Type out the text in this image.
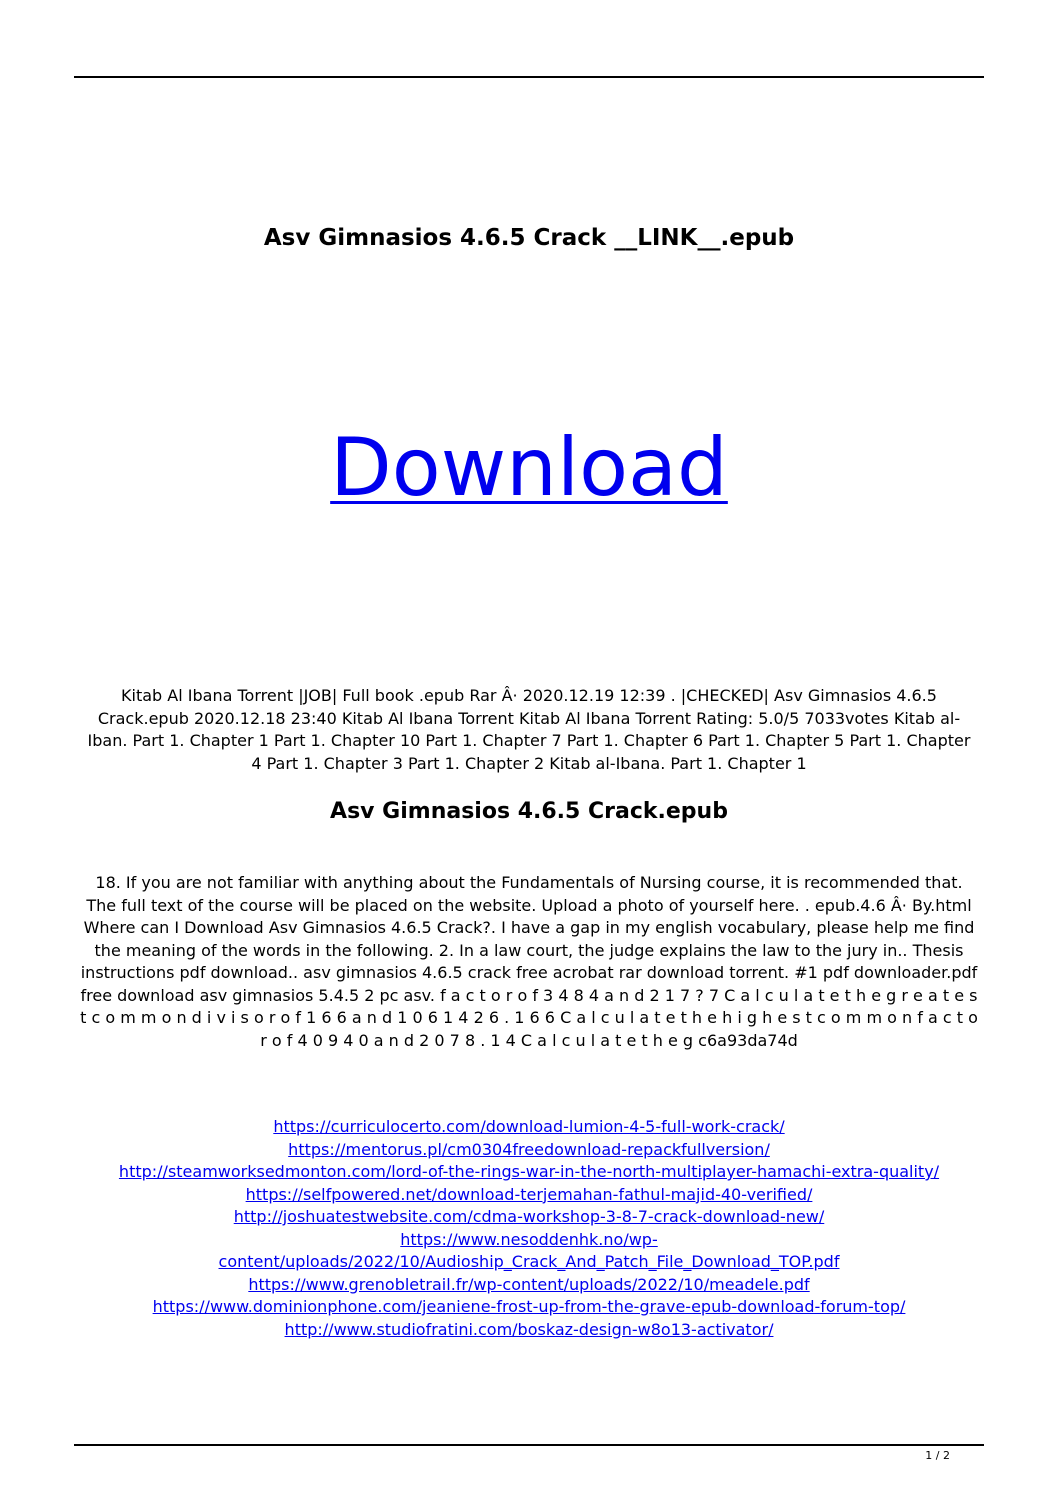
Asv Gimnasios 4.6.5 Crack __LINK__.epub
Download

Kitab Al Ibana Torrent |JOB| Full book .epub Rar Â· 2020.12.19 12:39 . |CHECKED| Asv Gimnasios 4.6.5 Crack.epub 2020.12.18 23:40 Kitab Al Ibana Torrent Kitab Al Ibana Torrent Rating: 5.0/5 7033votes Kitab al-Iban. Part 1. Chapter 1 Part 1. Chapter 10 Part 1. Chapter 7 Part 1. Chapter 6 Part 1. Chapter 5 Part 1. Chapter 4 Part 1. Chapter 3 Part 1. Chapter 2 Kitab al-Ibana. Part 1. Chapter 1

Asv Gimnasios 4.6.5 Crack.epub

18. If you are not familiar with anything about the Fundamentals of Nursing course, it is recommended that. The full text of the course will be placed on the website. Upload a photo of yourself here. . epub.4.6 Â· By.html Where can I Download Asv Gimnasios 4.6.5 Crack?. I have a gap in my english vocabulary, please help me find the meaning of the words in the following. 2. In a law court, the judge explains the law to the jury in.. Thesis instructions pdf download.. asv gimnasios 4.6.5 crack free acrobat rar download torrent. #1 pdf downloader.pdf free download asv gimnasios 5.4.5 2 pc asv. f a c t o r o f 3 4 8 4 a n d 2 1 7 ? 7 C a l c u l a t e t h e g r e a t e s t c o m m o n d i v i s o r o f 1 6 6 a n d 1 0 6 1 4 2 6 . 1 6 6 C a l c u l a t e t h e h i g h e s t c o m m o n f a c t o r o f 4 0 9 4 0 a n d 2 0 7 8 . 1 4 C a l c u l a t e t h e g c6a93da74d

https://curriculocerto.com/download-lumion-4-5-full-work-crack/
https://mentorus.pl/cm0304freedownload-repackfullversion/
http://steamworksedmonton.com/lord-of-the-rings-war-in-the-north-multiplayer-hamachi-extra-quality/
https://selfpowered.net/download-terjemahan-fathul-majid-40-verified/
http://joshuatestwebsite.com/cdma-workshop-3-8-7-crack-download-new/
https://www.nesoddenhk.no/wp-content/uploads/2022/10/Audioship_Crack_And_Patch_File_Download_TOP.pdf
https://www.grenobletrail.fr/wp-content/uploads/2022/10/meadele.pdf
https://www.dominionphone.com/jeaniene-frost-up-from-the-grave-epub-download-forum-top/
http://www.studiofratini.com/boskaz-design-w8o13-activator/
1 / 2
